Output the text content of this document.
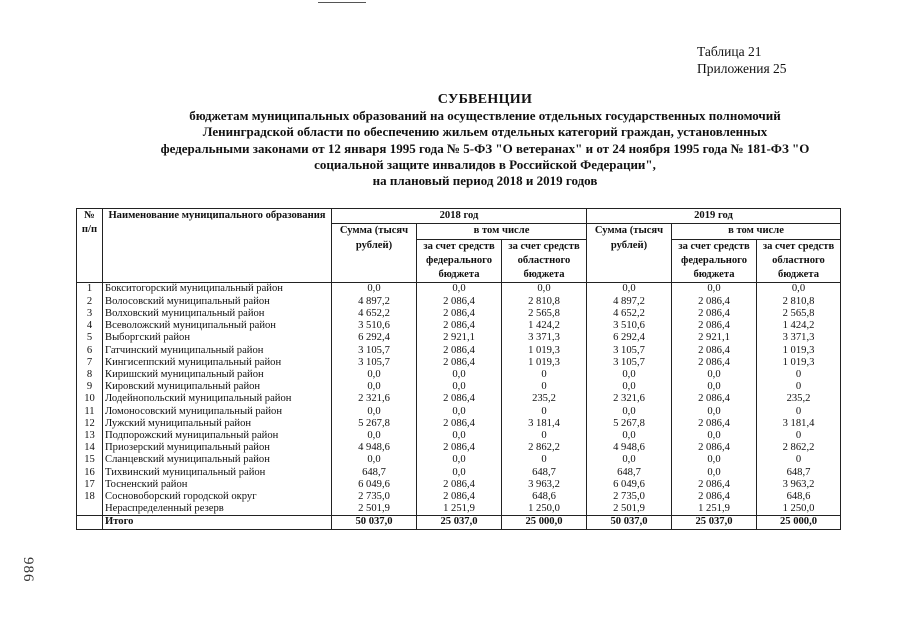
Таблица 21
Приложения 25
СУБВЕНЦИИ
бюджетам муниципальных образований на осуществление отдельных государственных полномочий
Ленинградской области по обеспечению жильем отдельных категорий граждан, установленных
федеральными законами от 12 января 1995 года № 5-ФЗ "О ветеранах" и от 24 ноября 1995 года № 181-ФЗ "О
социальной защите инвалидов в Российской Федерации",
на плановый период 2018 и 2019 годов
986
№ п/п	Наименование муниципального образования	2018 год			2019 год		
		Сумма (тысяч рублей)	в том числе		Сумма (тысяч рублей)	в том числе	
			за счет средств федерального бюджета	за счет средств областного бюджета		за счет средств федерального бюджета	за счет средств областного бюджета
1	Бокситогорский муниципальный район	0,0	0,0	0,0	0,0	0,0	0,0
2	Волосовский муниципальный район	4 897,2	2 086,4	2 810,8	4 897,2	2 086,4	2 810,8
3	Волховский муниципальный район	4 652,2	2 086,4	2 565,8	4 652,2	2 086,4	2 565,8
4	Всеволожский муниципальный район	3 510,6	2 086,4	1 424,2	3 510,6	2 086,4	1 424,2
5	Выборгский район	6 292,4	2 921,1	3 371,3	6 292,4	2 921,1	3 371,3
6	Гатчинский муниципальный район	3 105,7	2 086,4	1 019,3	3 105,7	2 086,4	1 019,3
7	Кингисеппский муниципальный район	3 105,7	2 086,4	1 019,3	3 105,7	2 086,4	1 019,3
8	Киришский муниципальный район	0,0	0,0	0	0,0	0,0	0
9	Кировский муниципальный район	0,0	0,0	0	0,0	0,0	0
10	Лодейнопольский муниципальный район	2 321,6	2 086,4	235,2	2 321,6	2 086,4	235,2
11	Ломоносовский муниципальный район	0,0	0,0	0	0,0	0,0	0
12	Лужский муниципальный район	5 267,8	2 086,4	3 181,4	5 267,8	2 086,4	3 181,4
13	Подпорожский муниципальный район	0,0	0,0	0	0,0	0,0	0
14	Приозерский муниципальный район	4 948,6	2 086,4	2 862,2	4 948,6	2 086,4	2 862,2
15	Сланцевский муниципальный район	0,0	0,0	0	0,0	0,0	0
16	Тихвинский муниципальный район	648,7	0,0	648,7	648,7	0,0	648,7
17	Тосненский район	6 049,6	2 086,4	3 963,2	6 049,6	2 086,4	3 963,2
18	Сосновоборский городской округ	2 735,0	2 086,4	648,6	2 735,0	2 086,4	648,6
	Нераспределенный резерв	2 501,9	1 251,9	1 250,0	2 501,9	1 251,9	1 250,0
	Итого	50 037,0	25 037,0	25 000,0	50 037,0	25 037,0	25 000,0
